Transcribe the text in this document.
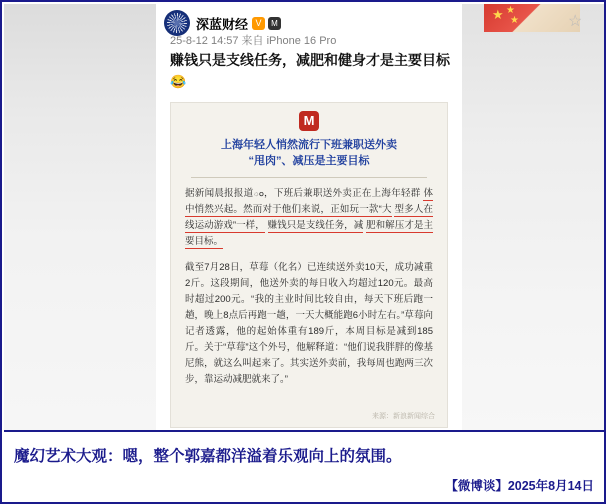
★ ★
★
深蓝财经 V	M	☆
25-8-12 14:57 来自 iPhone 16 Pro
赚钱只是支线任务，减肥和健身才是主要目标😂
M
上海年轻人悄然流行下班兼职送外卖
“甩肉”、减压是主要目标

据新闻晨报报道ం，下班后兼职送外卖正在上海年轻群 体中悄然兴起。然而对于他们来说，正如玩一款“大 型多人在线运动游戏”一样， 赚钱只是支线任务，减 肥和解压才是主要目标。

截至7月28日，草莓（化名）已连续送外卖10天，成功减重2斤。这段期间，他送外卖的每日收入均超过120元。最高时超过200元。“我的主业时间比较自由，每天下班后跑一趟，晚上8点后再跑一趟，一天大概能跑6小时左右。”草莓向记者透露，他的起始体重有189斤，本周目标是减到185斤。关于“草莓”这个外号，他解释道：“他们说我胖胖的像基尼熊，就这么叫起来了。其实送外卖前，我每周也跑两三次步，靠运动减肥就来了。”

来源：新浪新闻综合
魔幻艺术大观：嗯，整个郭嘉都洋溢着乐观向上的氛围。
【微博谈】2025年8月14日
